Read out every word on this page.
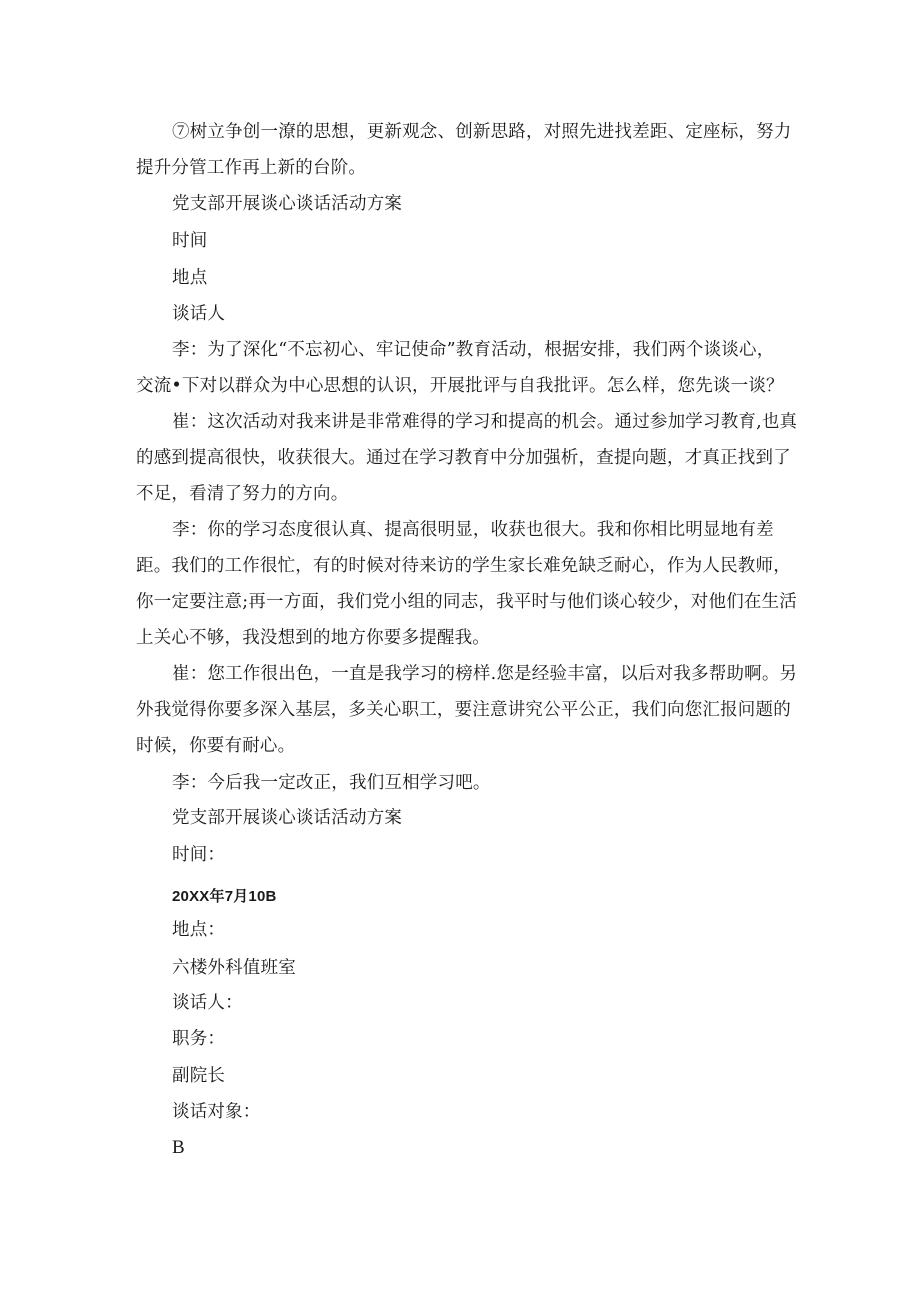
⑦树立争创一潦的思想，更新观念、创新思路，对照先进找差距、定座标，努力
提升分管工作再上新的台阶。
党支部开展谈心谈话活动方案
时间
地点
谈话人
李：为了深化“不忘初心、牢记使命”教育活动，根据安排，我们两个谈谈心，
交流•下对以群众为中心思想的认识，开展批评与自我批评。怎么样，您先谈一谈？
崔：这次活动对我来讲是非常难得的学习和提高的机会。通过参加学习教育,也真
的感到提高很快，收获很大。通过在学习教育中分加强析，查提向题，才真正找到了
不足，看清了努力的方向。
李：你的学习态度很认真、提高很明显，收获也很大。我和你相比明显地有差
距。我们的工作很忙，有的时候对待来访的学生家长难免缺乏耐心，作为人民教师，
你一定要注意;再一方面，我们党小组的同志，我平时与他们谈心较少，对他们在生活
上关心不够，我没想到的地方你要多提醒我。
崔：您工作很出色，一直是我学习的榜样.您是经验丰富，以后对我多帮助啊。另
外我觉得你要多深入基层，多关心职工，要注意讲究公平公正，我们向您汇报问题的
时候，你要有耐心。
李：今后我一定改正，我们互相学习吧。
党支部开展谈心谈话活动方案
时间：
20XX年7月10B
地点：
六楼外科值班室
谈话人：
职务：
副院长
谈话对象：
B
